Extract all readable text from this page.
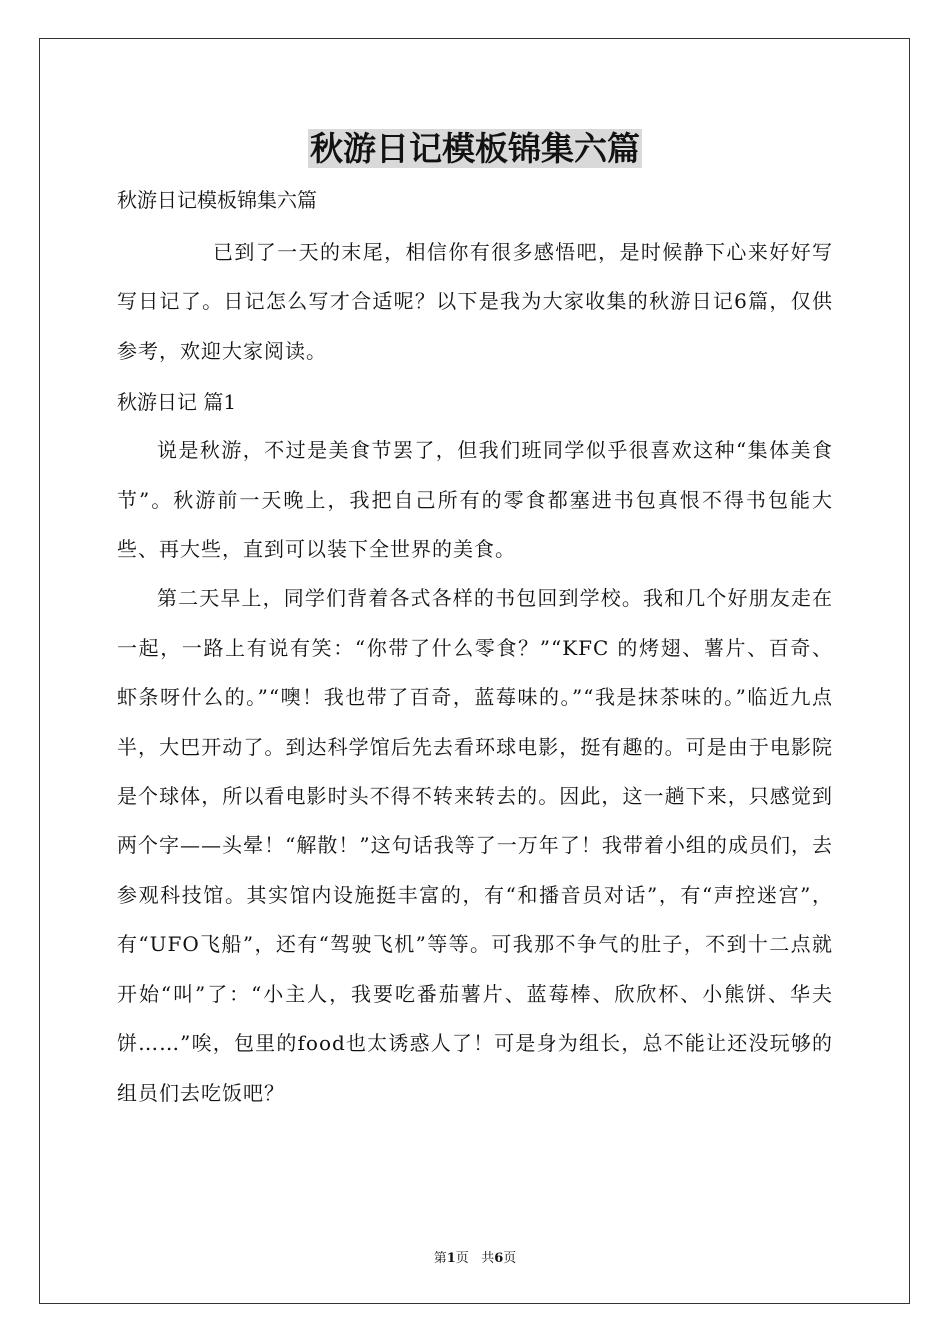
秋游日记模板锦集六篇

秋游日记模板锦集六篇

已到了一天的末尾，相信你有很多感悟吧，是时候静下心来好好写写日记了。日记怎么写才合适呢？以下是我为大家收集的秋游日记6篇，仅供参考，欢迎大家阅读。

秋游日记 篇1

说是秋游，不过是美食节罢了，但我们班同学似乎很喜欢这种“集体美食节”。秋游前一天晚上，我把自己所有的零食都塞进书包真恨不得书包能大些、再大些，直到可以装下全世界的美食。

第二天早上，同学们背着各式各样的书包回到学校。我和几个好朋友走在一起，一路上有说有笑：“你带了什么零食？”“KFC 的烤翅、薯片、百奇、虾条呀什么的。”“噢！我也带了百奇，蓝莓味的。”“我是抹茶味的。”临近九点半，大巴开动了。到达科学馆后先去看环球电影，挺有趣的。可是由于电影院是个球体，所以看电影时头不得不转来转去的。因此，这一趟下来，只感觉到两个字——头晕！“解散！”这句话我等了一万年了！我带着小组的成员们，去参观科技馆。其实馆内设施挺丰富的，有“和播音员对话”，有“声控迷宫”，有“UFO飞船”，还有“驾驶飞机”等等。可我那不争气的肚子，不到十二点就开始“叫”了：“小主人，我要吃番茄薯片、蓝莓棒、欣欣杯、小熊饼、华夫饼……”唉，包里的food也太诱惑人了！可是身为组长，总不能让还没玩够的组员们去吃饭吧？

第1页 共6页
